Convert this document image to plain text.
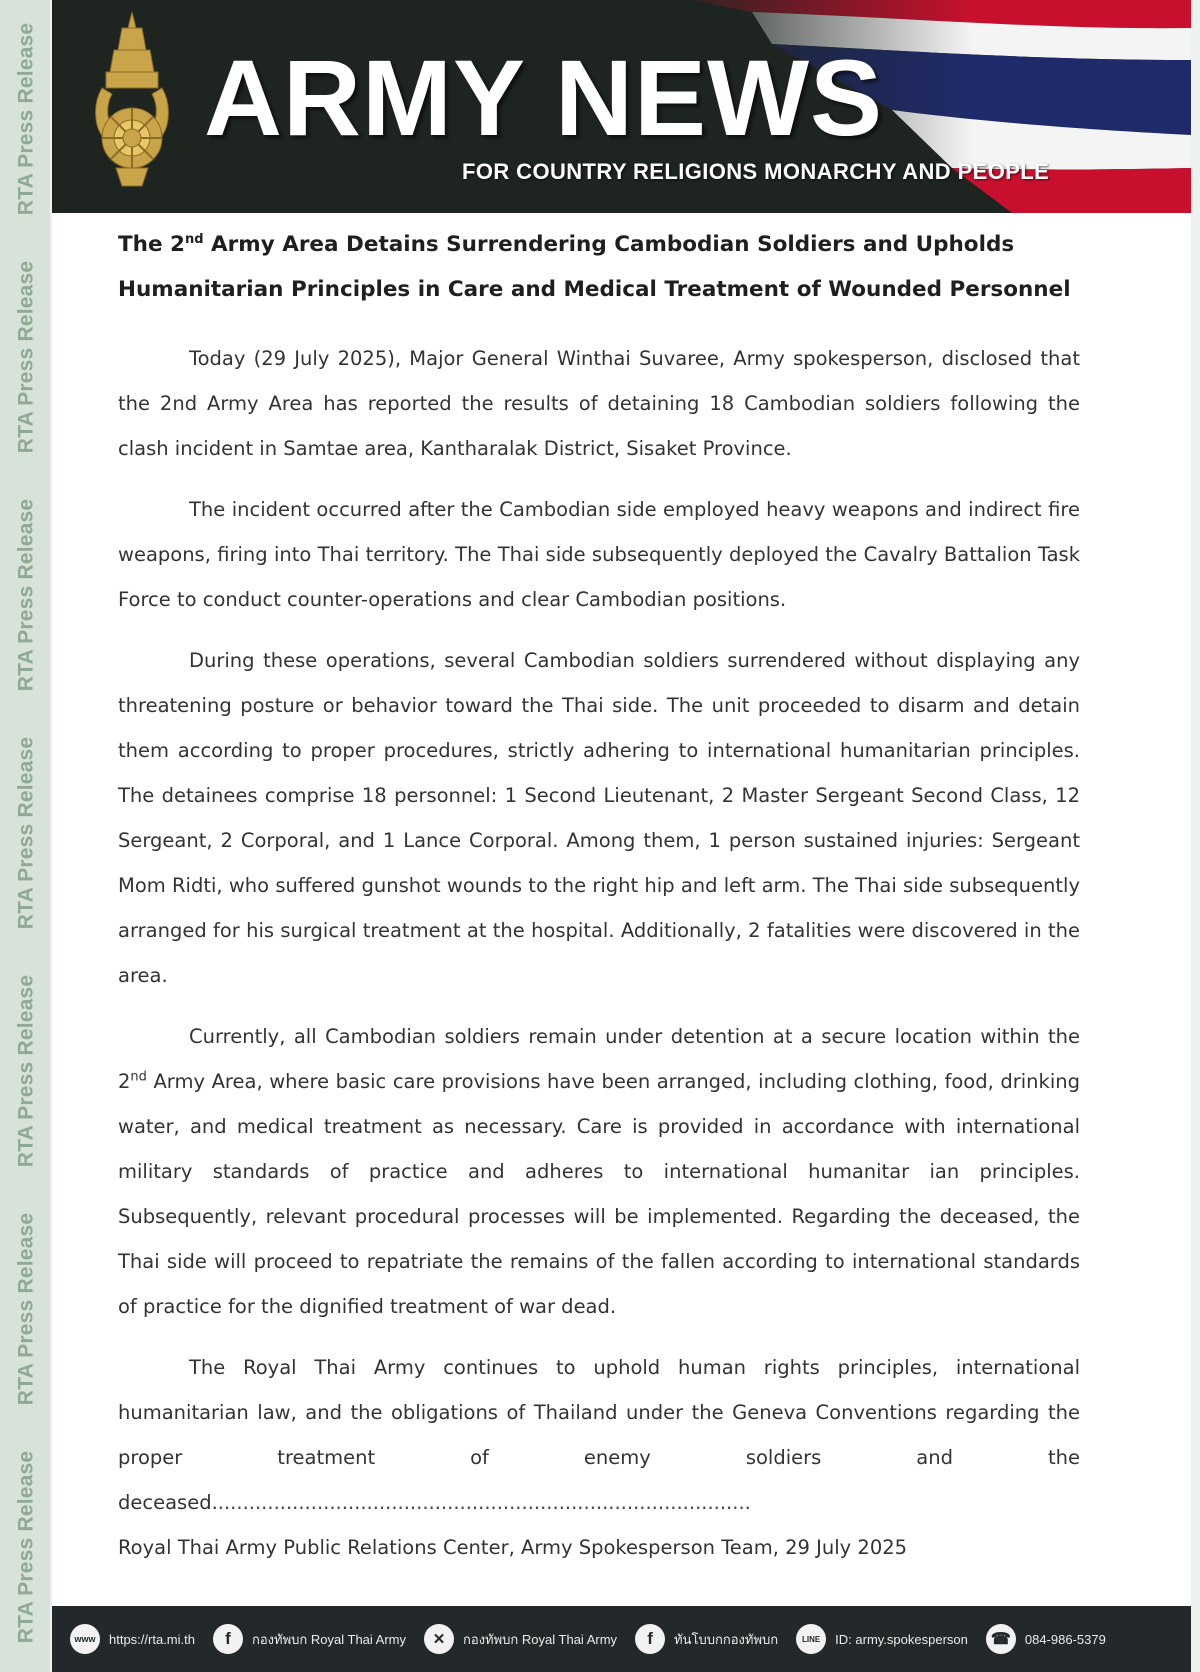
RTA Press Release
RTA Press Release
RTA Press Release
RTA Press Release
RTA Press Release
RTA Press Release
RTA Press Release
ARMY NEWS
FOR COUNTRY RELIGIONS MONARCHY AND PEOPLE
The 2nd Army Area Detains Surrendering Cambodian Soldiers and Upholds Humanitarian Principles in Care and Medical Treatment of Wounded Personnel

Today (29 July 2025), Major General Winthai Suvaree, Army spokesperson, disclosed that the 2nd Army Area has reported the results of detaining 18 Cambodian soldiers following the clash incident in Samtae area, Kantharalak District, Sisaket Province.

The incident occurred after the Cambodian side employed heavy weapons and indirect fire weapons, firing into Thai territory. The Thai side subsequently deployed the Cavalry Battalion Task Force to conduct counter-operations and clear Cambodian positions.

During these operations, several Cambodian soldiers surrendered without displaying any threatening posture or behavior toward the Thai side. The unit proceeded to disarm and detain them according to proper procedures, strictly adhering to international humanitarian principles. The detainees comprise 18 personnel: 1 Second Lieutenant, 2 Master Sergeant Second Class, 12 Sergeant, 2 Corporal, and 1 Lance Corporal. Among them, 1 person sustained injuries: Sergeant Mom Ridti, who suffered gunshot wounds to the right hip and left arm. The Thai side subsequently arranged for his surgical treatment at the hospital. Additionally, 2 fatalities were discovered in the area.

Currently, all Cambodian soldiers remain under detention at a secure location within the 2nd Army Area, where basic care provisions have been arranged, including clothing, food, drinking water, and medical treatment as necessary. Care is provided in accordance with international military standards of practice and adheres to international humanitar ian principles. Subsequently, relevant procedural processes will be implemented. Regarding the deceased, the Thai side will proceed to repatriate the remains of the fallen according to international standards of practice for the dignified treatment of war dead.

The Royal Thai Army continues to uphold human rights principles, international humanitarian law, and the obligations of Thailand under the Geneva Conventions regarding the proper treatment of enemy soldiers and the deceased.......................................................................................

Royal Thai Army Public Relations Center, Army Spokesperson Team, 29 July 2025

www	https://rta.mi.th	f	กองทัพบก Royal Thai Army	✕	กองทัพบก Royal Thai Army	f	ทันโบบกกองทัพบก	LINE	ID: army.spokesperson	☎	084-986-5379
